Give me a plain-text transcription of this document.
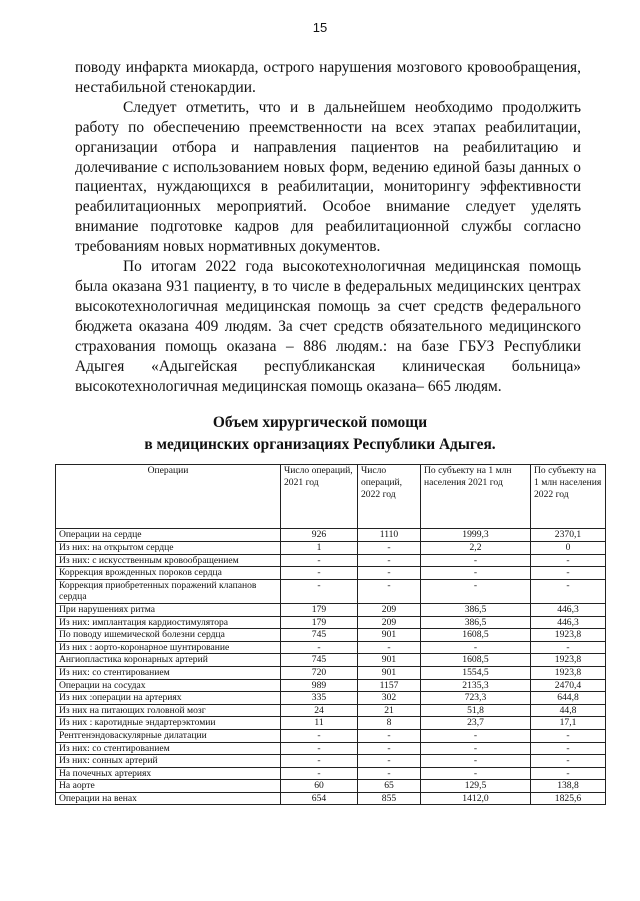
15

поводу инфаркта миокарда, острого нарушения мозгового кровообращения, нестабильной стенокардии.

Следует отметить, что и в дальнейшем необходимо продолжить работу по обеспечению преемственности на всех этапах реабилитации, организации отбора и направления пациентов на реабилитацию и долечивание с использованием новых форм, ведению единой базы данных о пациентах, нуждающихся в реабилитации, мониторингу эффективности реабилитационных мероприятий. Особое внимание следует уделять внимание подготовке кадров для реабилитационной службы согласно требованиям новых нормативных документов.

По итогам 2022 года высокотехнологичная медицинская помощь была оказана 931 пациенту, в то числе в федеральных медицинских центрах высокотехнологичная медицинская помощь за счет средств федерального бюджета оказана 409 людям. За счет средств обязательного медицинского страхования помощь оказана – 886 людям.: на базе ГБУЗ Республики Адыгея «Адыгейская республиканская клиническая больница» высокотехнологичная медицинская помощь оказана– 665 людям.

Объем хирургической помощи
в медицинских организациях Республики Адыгея.
Операции	Число операций, 2021 год	Число операций, 2022 год	По субъекту на 1 млн населения 2021 год	По субъекту на 1 млн населения 2022 год
Операции на сердце	926	1110	1999,3	2370,1
Из них: на открытом сердце	1	-	2,2	0
Из них: с искусственным кровообращением	-	-	-	-
Коррекция врожденных пороков сердца	-	-	-	-
Коррекция приобретенных поражений клапанов сердца	-	-	-	-
При нарушениях ритма	179	209	386,5	446,3
Из них: имплантация кардиостимулятора	179	209	386,5	446,3
По поводу ишемической болезни сердца	745	901	1608,5	1923,8
Из них : аорто-коронарное шунтирование	-	-	-	-
Ангиопластика коронарных артерий	745	901	1608,5	1923,8
Из них: со стентированием	720	901	1554,5	1923,8
Операции на сосудах	989	1157	2135,3	2470,4
Из них :операции на артериях	335	302	723,3	644,8
Из них на питающих головной мозг	24	21	51,8	44,8
Из них : каротидные эндартерэктомии	11	8	23,7	17,1
Рентгенэндоваскулярные дилатации	-	-	-	-
Из них: со стентированием	-	-	-	-
Из них: сонных артерий	-	-	-	-
На почечных артериях	-	-	-	-
На аорте	60	65	129,5	138,8
Операции на венах	654	855	1412,0	1825,6
